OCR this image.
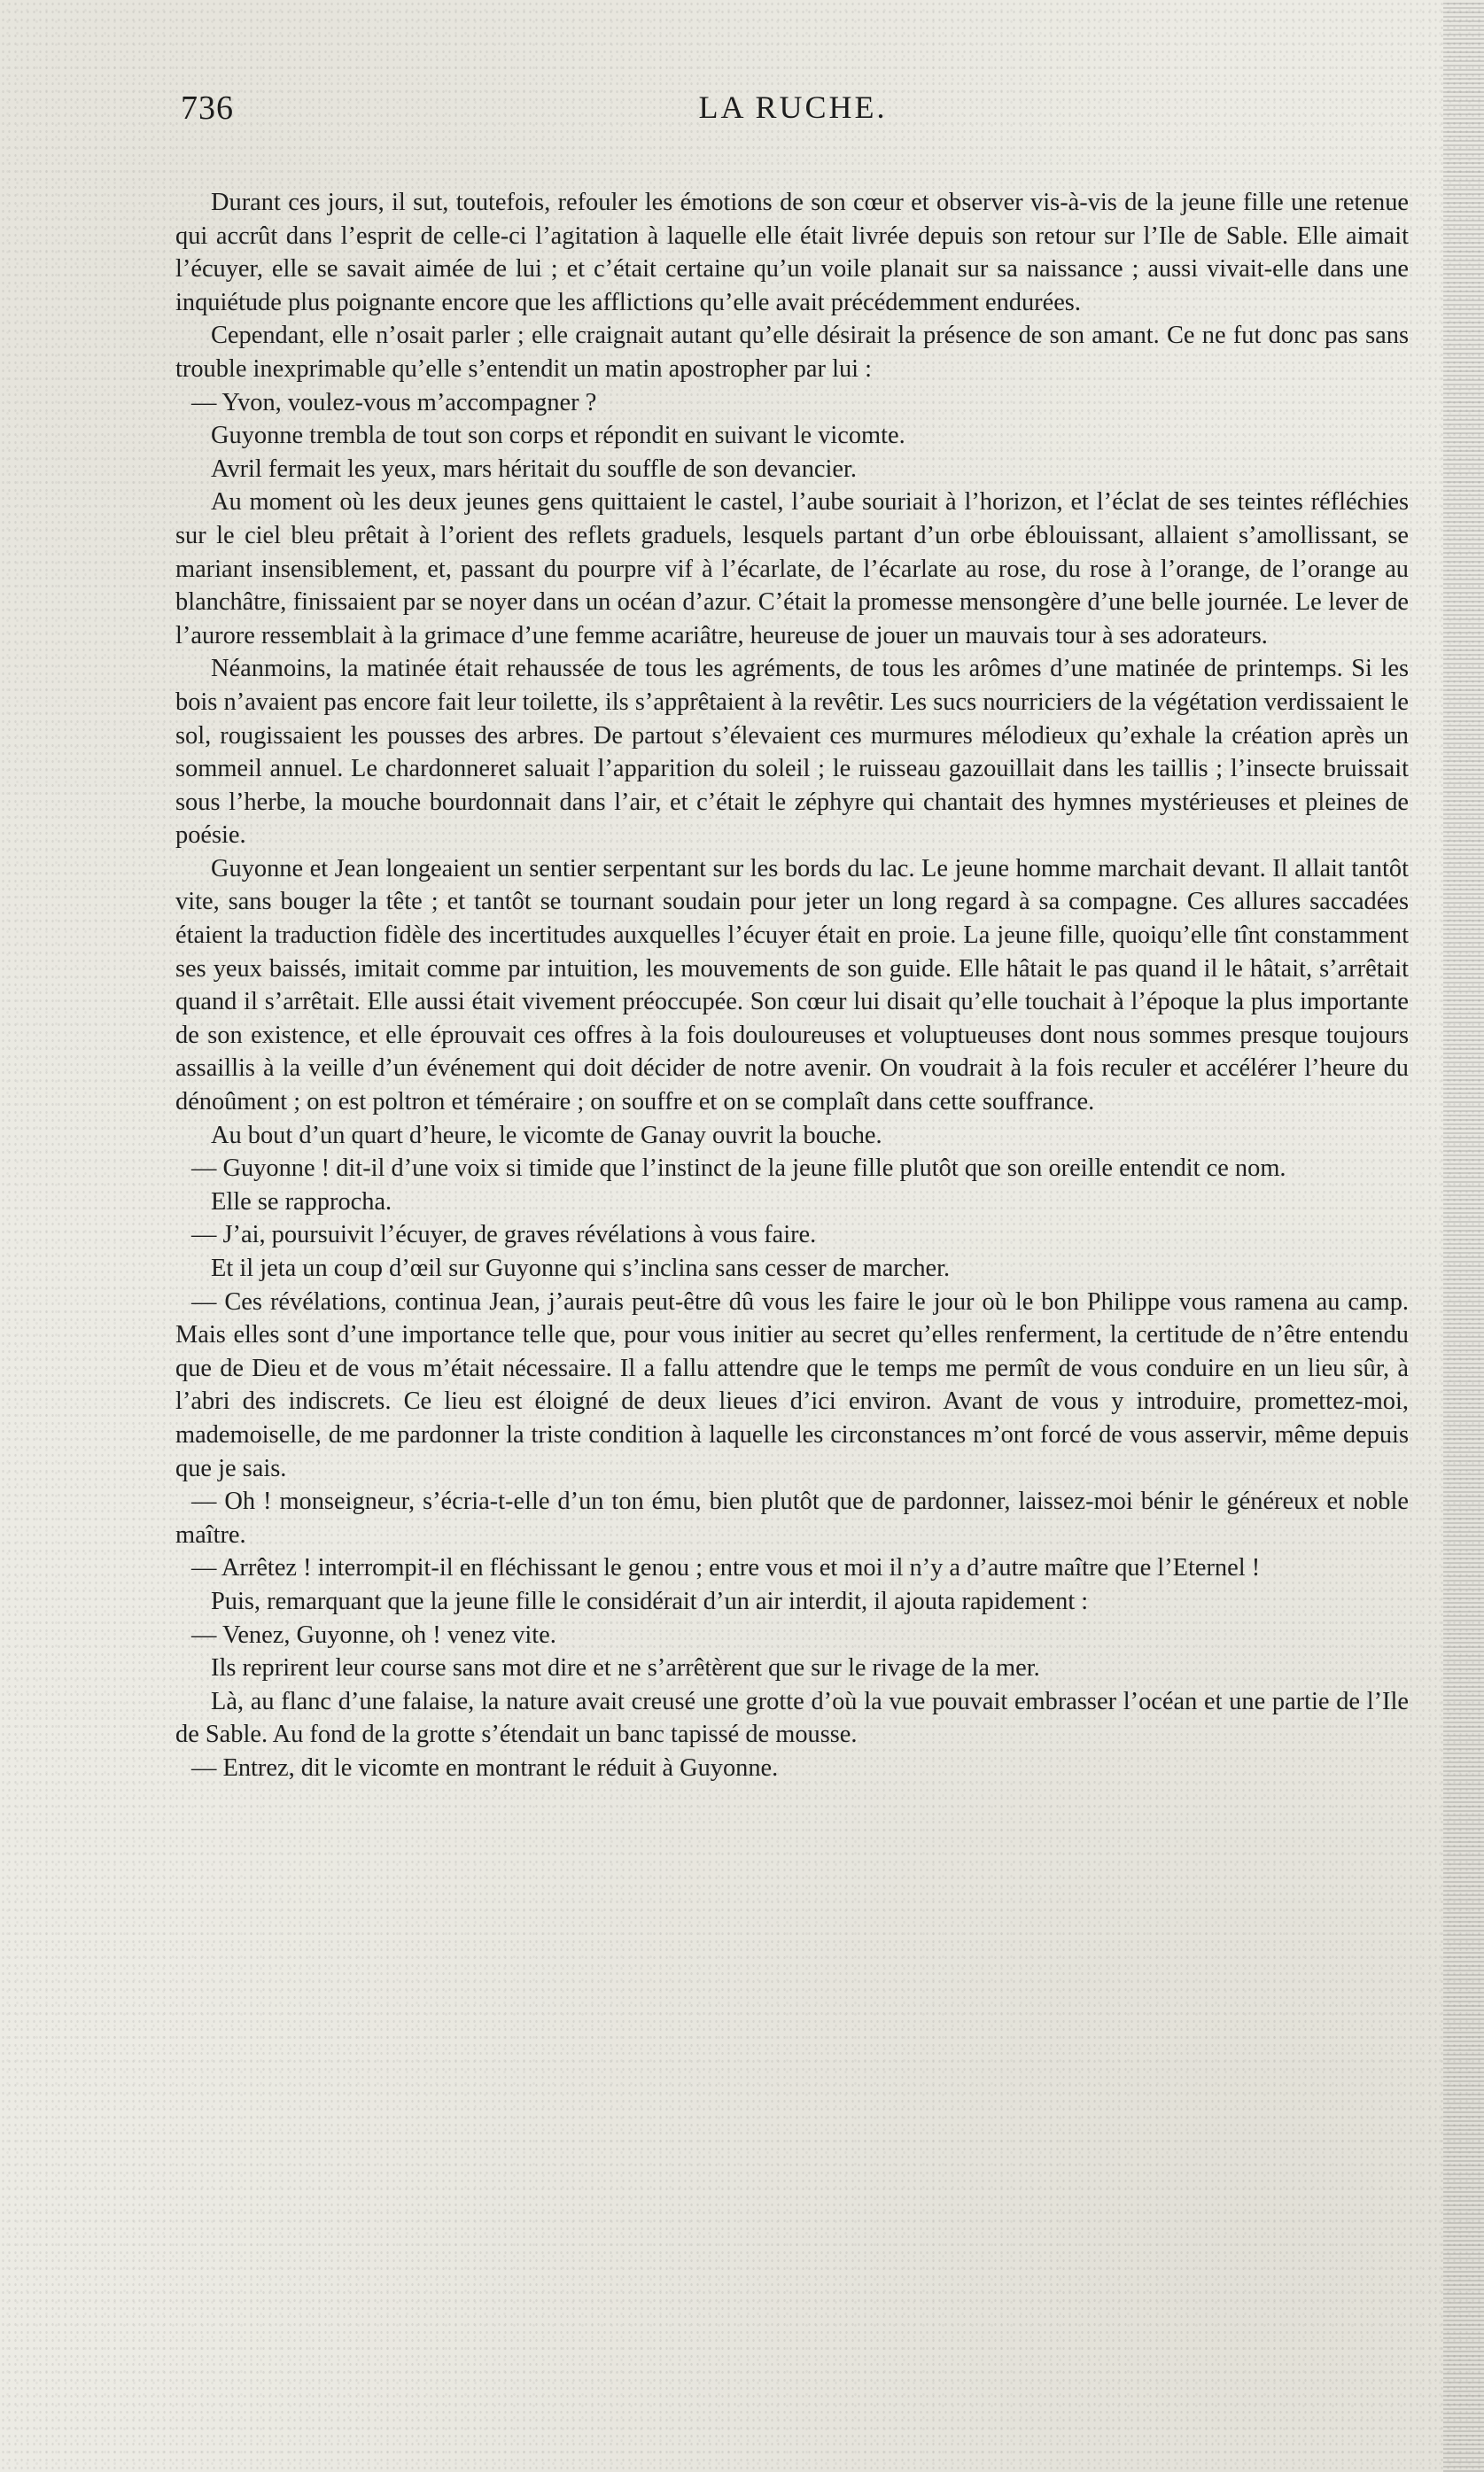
736	LA RUCHE.

Durant ces jours, il sut, toutefois, refouler les émotions de son cœur et observer vis-à-vis de la jeune fille une retenue qui accrût dans l’esprit de celle-ci l’agitation à laquelle elle était livrée depuis son retour sur l’Ile de Sable. Elle aimait l’écuyer, elle se savait aimée de lui ; et c’était certaine qu’un voile planait sur sa naissance ; aussi vivait-elle dans une inquiétude plus poignante encore que les afflictions qu’elle avait précédemment endurées.

Cependant, elle n’osait parler ; elle craignait autant qu’elle désirait la présence de son amant. Ce ne fut donc pas sans trouble inexprimable qu’elle s’entendit un matin apostropher par lui :

— Yvon, voulez-vous m’accompagner ?

Guyonne trembla de tout son corps et répondit en suivant le vicomte.

Avril fermait les yeux, mars héritait du souffle de son devancier.

Au moment où les deux jeunes gens quittaient le castel, l’aube souriait à l’horizon, et l’éclat de ses teintes réfléchies sur le ciel bleu prêtait à l’orient des reflets graduels, lesquels partant d’un orbe éblouissant, allaient s’amollissant, se mariant insensiblement, et, passant du pourpre vif à l’écarlate, de l’écarlate au rose, du rose à l’orange, de l’orange au blanchâtre, finissaient par se noyer dans un océan d’azur. C’était la promesse mensongère d’une belle journée. Le lever de l’aurore ressemblait à la grimace d’une femme acariâtre, heureuse de jouer un mauvais tour à ses adorateurs.

Néanmoins, la matinée était rehaussée de tous les agréments, de tous les arômes d’une matinée de printemps. Si les bois n’avaient pas encore fait leur toilette, ils s’apprêtaient à la revêtir. Les sucs nourriciers de la végétation verdissaient le sol, rougissaient les pousses des arbres. De partout s’élevaient ces murmures mélodieux qu’exhale la création après un sommeil annuel. Le chardonneret saluait l’apparition du soleil ; le ruisseau gazouillait dans les taillis ; l’insecte bruissait sous l’herbe, la mouche bourdonnait dans l’air, et c’était le zéphyre qui chantait des hymnes mystérieuses et pleines de poésie.

Guyonne et Jean longeaient un sentier serpentant sur les bords du lac. Le jeune homme marchait devant. Il allait tantôt vite, sans bouger la tête ; et tantôt se tournant soudain pour jeter un long regard à sa compagne. Ces allures saccadées étaient la traduction fidèle des incertitudes auxquelles l’écuyer était en proie. La jeune fille, quoiqu’elle tînt constamment ses yeux baissés, imitait comme par intuition, les mouvements de son guide. Elle hâtait le pas quand il le hâtait, s’arrêtait quand il s’arrêtait. Elle aussi était vivement préoccupée. Son cœur lui disait qu’elle touchait à l’époque la plus importante de son existence, et elle éprouvait ces offres à la fois douloureuses et voluptueuses dont nous sommes presque toujours assaillis à la veille d’un événement qui doit décider de notre avenir. On voudrait à la fois reculer et accélérer l’heure du dénoûment ; on est poltron et téméraire ; on souffre et on se complaît dans cette souffrance.

Au bout d’un quart d’heure, le vicomte de Ganay ouvrit la bouche.

— Guyonne ! dit-il d’une voix si timide que l’instinct de la jeune fille plutôt que son oreille entendit ce nom.

Elle se rapprocha.

— J’ai, poursuivit l’écuyer, de graves révélations à vous faire.

Et il jeta un coup d’œil sur Guyonne qui s’inclina sans cesser de marcher.

— Ces révélations, continua Jean, j’aurais peut-être dû vous les faire le jour où le bon Philippe vous ramena au camp. Mais elles sont d’une importance telle que, pour vous initier au secret qu’elles renferment, la certitude de n’être entendu que de Dieu et de vous m’était nécessaire. Il a fallu attendre que le temps me permît de vous conduire en un lieu sûr, à l’abri des indiscrets. Ce lieu est éloigné de deux lieues d’ici environ. Avant de vous y introduire, promettez-moi, mademoiselle, de me pardonner la triste condition à laquelle les circonstances m’ont forcé de vous asservir, même depuis que je sais.

— Oh ! monseigneur, s’écria-t-elle d’un ton ému, bien plutôt que de pardonner, laissez-moi bénir le généreux et noble maître.

— Arrêtez ! interrompit-il en fléchissant le genou ; entre vous et moi il n’y a d’autre maître que l’Eternel !

Puis, remarquant que la jeune fille le considérait d’un air interdit, il ajouta rapidement :

— Venez, Guyonne, oh ! venez vite.

Ils reprirent leur course sans mot dire et ne s’arrêtèrent que sur le rivage de la mer.

Là, au flanc d’une falaise, la nature avait creusé une grotte d’où la vue pouvait embrasser l’océan et une partie de l’Ile de Sable. Au fond de la grotte s’étendait un banc tapissé de mousse.

— Entrez, dit le vicomte en montrant le réduit à Guyonne.
